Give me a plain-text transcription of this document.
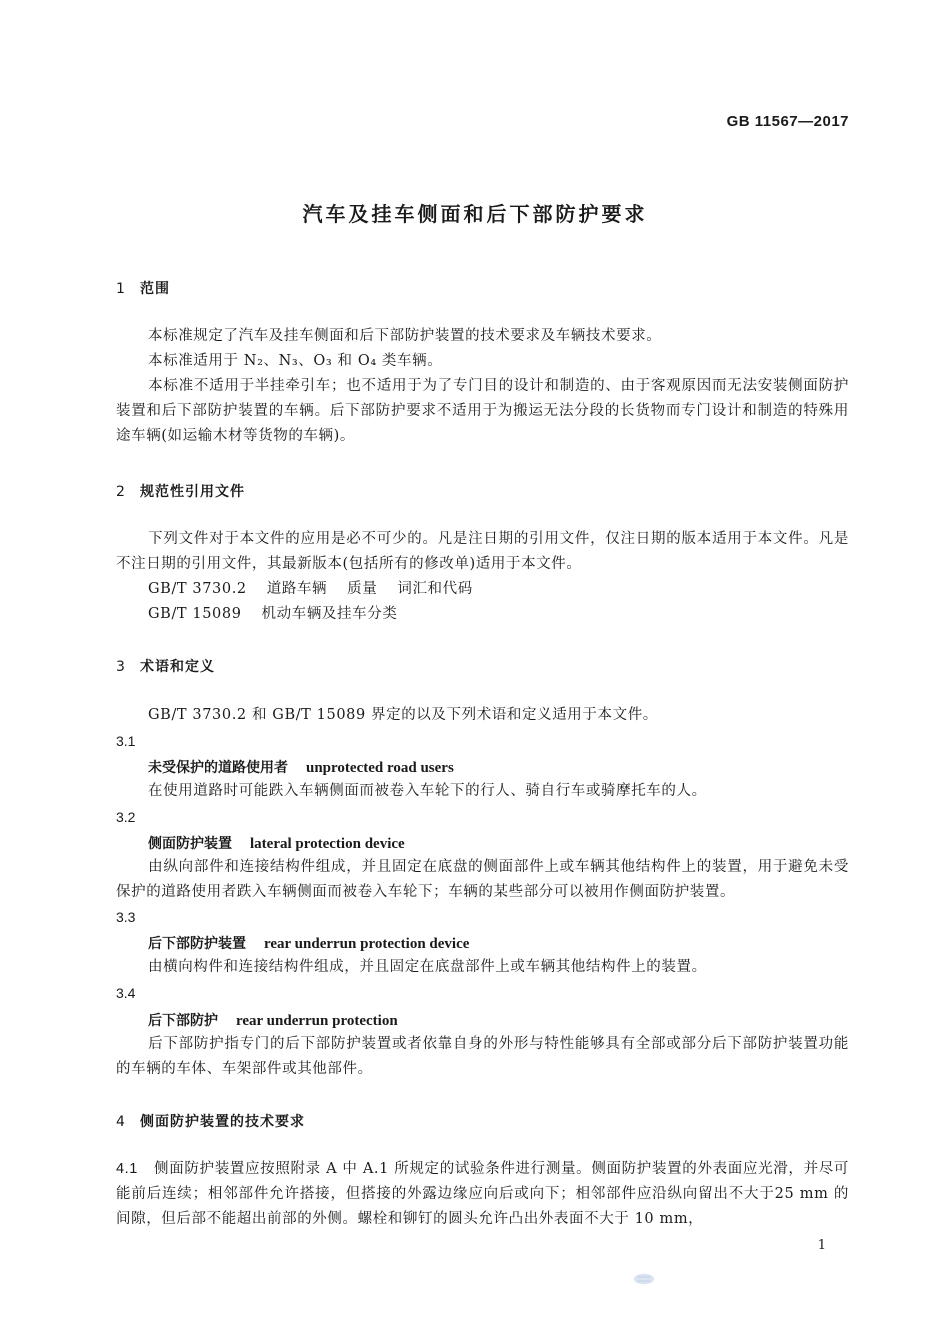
GB 11567—2017
汽车及挂车侧面和后下部防护要求
1 范围
本标准规定了汽车及挂车侧面和后下部防护装置的技术要求及车辆技术要求。
本标准适用于 N₂、N₃、O₃ 和 O₄ 类车辆。
本标准不适用于半挂牵引车；也不适用于为了专门目的设计和制造的、由于客观原因而无法安装侧面防护装置和后下部防护装置的车辆。后下部防护要求不适用于为搬运无法分段的长货物而专门设计和制造的特殊用途车辆(如运输木材等货物的车辆)。
2 规范性引用文件
下列文件对于本文件的应用是必不可少的。凡是注日期的引用文件，仅注日期的版本适用于本文件。凡是不注日期的引用文件，其最新版本(包括所有的修改单)适用于本文件。
GB/T 3730.2 道路车辆 质量 词汇和代码
GB/T 15089 机动车辆及挂车分类
3 术语和定义
GB/T 3730.2 和 GB/T 15089 界定的以及下列术语和定义适用于本文件。
3.1
未受保护的道路使用者 unprotected road users
在使用道路时可能跌入车辆侧面而被卷入车轮下的行人、骑自行车或骑摩托车的人。
3.2
侧面防护装置 lateral protection device
由纵向部件和连接结构件组成，并且固定在底盘的侧面部件上或车辆其他结构件上的装置，用于避免未受保护的道路使用者跌入车辆侧面而被卷入车轮下；车辆的某些部分可以被用作侧面防护装置。
3.3
后下部防护装置 rear underrun protection device
由横向构件和连接结构件组成，并且固定在底盘部件上或车辆其他结构件上的装置。
3.4
后下部防护 rear underrun protection
后下部防护指专门的后下部防护装置或者依靠自身的外形与特性能够具有全部或部分后下部防护装置功能的车辆的车体、车架部件或其他部件。
4 侧面防护装置的技术要求
4.1 侧面防护装置应按照附录 A 中 A.1 所规定的试验条件进行测量。侧面防护装置的外表面应光滑，并尽可能前后连续；相邻部件允许搭接，但搭接的外露边缘应向后或向下；相邻部件应沿纵向留出不大于25 mm 的间隙，但后部不能超出前部的外侧。螺栓和铆钉的圆头允许凸出外表面不大于 10 mm，
1
